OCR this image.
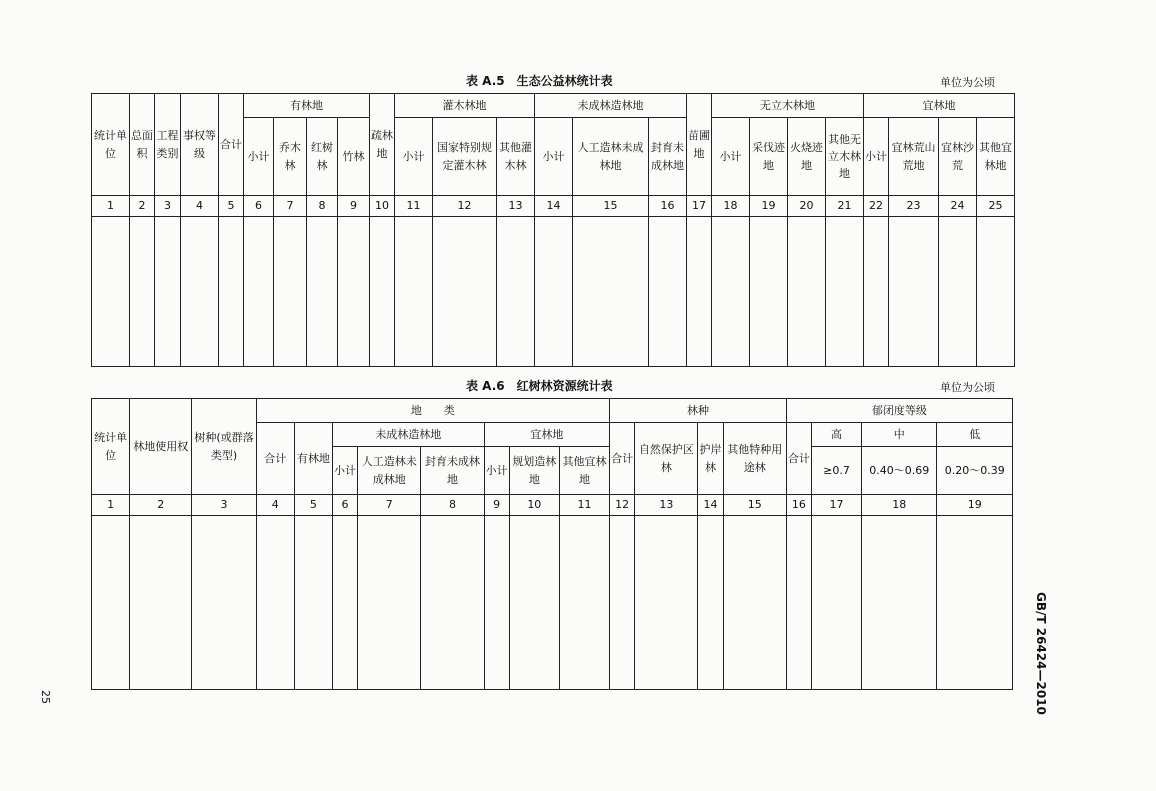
表 A.5　生态公益林统计表	单位为公顷
统计单位	总面积	工程类别	事权等级	合计	有林地				疏林地	灌木林地			未成林造林地			苗圃地	无立木林地				宜林地			
					小计	乔木林	红树林	竹林		小计	国家特别规定灌木林	其他灌木林	小计	人工造林未成林地	封育未成林地		小计	采伐迹地	火烧迹地	其他无立木林地	小计	宜林荒山荒地	宜林沙荒	其他宜林地
1	2	3	4	5	6	7	8	9	10	11	12	13	14	15	16	17	18	19	20	21	22	23	24	25

表 A.6　红树林资源统计表	单位为公顷
统计单位	林地使用权	树种(或群落类型)	地　　类								林种				郁闭度等级			
			合计	有林地	未成林造林地			宜林地			合计	自然保护区林	护岸林	其他特种用途林	合计	高	中	低
					小计	人工造林未成林地	封育未成林地	小计	规划造林地	其他宜林地						≥0.7	0.40～0.69	0.20～0.39
1	2	3	4	5	6	7	8	9	10	11	12	13	14	15	16	17	18	19

25	GB/T 26424—2010
